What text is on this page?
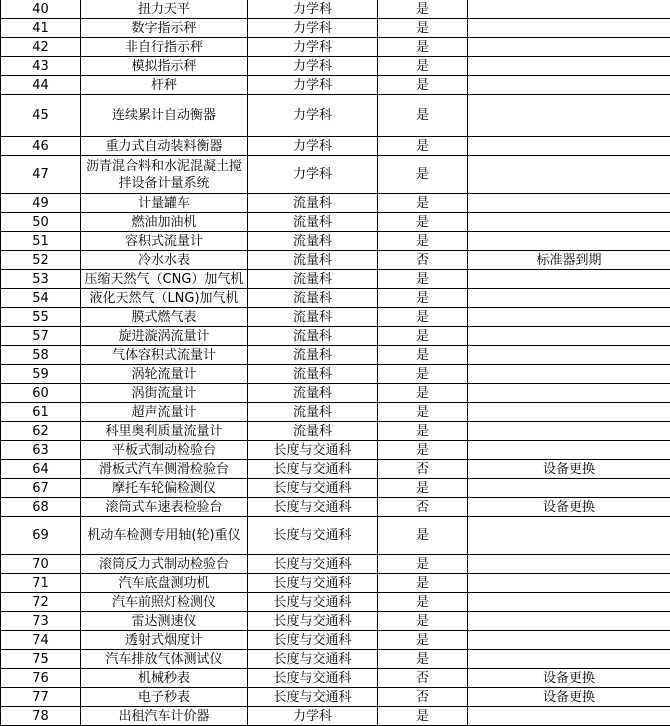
40	扭力天平	力学科	是	
41	数字指示秤	力学科	是	
42	非自行指示秤	力学科	是	
43	模拟指示秤	力学科	是	
44	杆秤	力学科	是	
45	连续累计自动衡器	力学科	是	
46	重力式自动装料衡器	力学科	是	
47	沥青混合料和水泥混凝土搅拌设备计量系统	力学科	是	
49	计量罐车	流量科	是	
50	燃油加油机	流量科	是	
51	容积式流量计	流量科	是	
52	冷水水表	流量科	否	标准器到期
53	压缩天然气（CNG）加气机	流量科	是	
54	液化天然气（LNG)加气机	流量科	是	
55	膜式燃气表	流量科	是	
57	旋进漩涡流量计	流量科	是	
58	气体容积式流量计	流量科	是	
59	涡轮流量计	流量科	是	
60	涡街流量计	流量科	是	
61	超声流量计	流量科	是	
62	科里奥利质量流量计	流量科	是	
63	平板式制动检验台	长度与交通科	是	
64	滑板式汽车侧滑检验台	长度与交通科	否	设备更换
67	摩托车轮偏检测仪	长度与交通科	是	
68	滚筒式车速表检验台	长度与交通科	否	设备更换
69	机动车检测专用轴(轮)重仪	长度与交通科	是	
70	滚筒反力式制动检验台	长度与交通科	是	
71	汽车底盘测功机	长度与交通科	是	
72	汽车前照灯检测仪	长度与交通科	是	
73	雷达测速仪	长度与交通科	是	
74	透射式烟度计	长度与交通科	是	
75	汽车排放气体测试仪	长度与交通科	是	
76	机械秒表	长度与交通科	否	设备更换
77	电子秒表	长度与交通科	否	设备更换
78	出租汽车计价器	力学科	是	
